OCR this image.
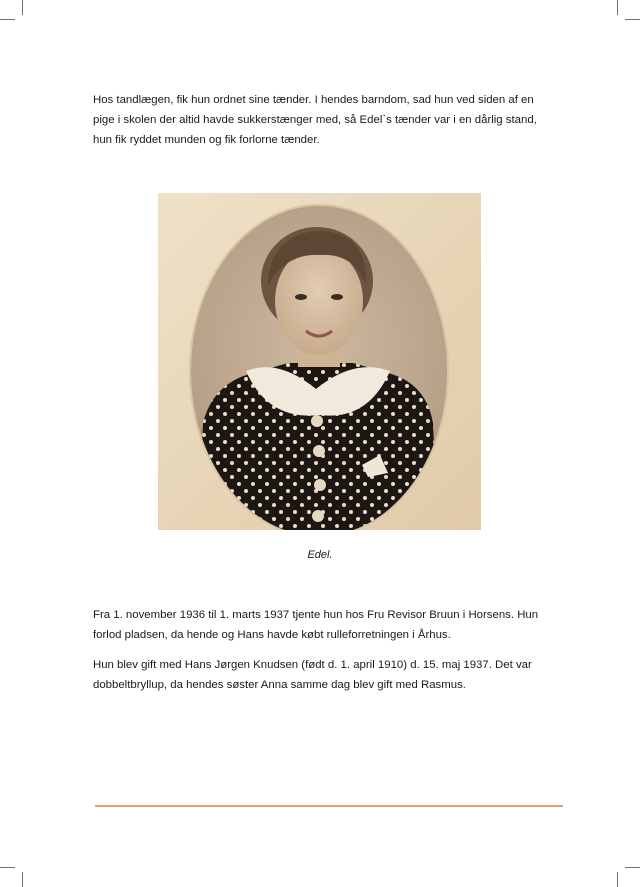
Hos tandlægen, fik hun ordnet sine tænder. I hendes barndom, sad hun ved siden af en
pige i skolen der altid havde sukkerstænger med, så Edel`s tænder var i en dårlig stand,
hun fik ryddet munden og fik forlorne tænder.

Edel.

Fra 1. november 1936 til 1. marts 1937 tjente hun hos Fru Revisor Bruun i Horsens. Hun
forlod pladsen, da hende og Hans havde købt rulleforretningen i Århus.

Hun blev gift med Hans Jørgen Knudsen (født d. 1. april 1910) d. 15. maj 1937. Det var
dobbeltbryllup, da hendes søster Anna samme dag blev gift med Rasmus.
